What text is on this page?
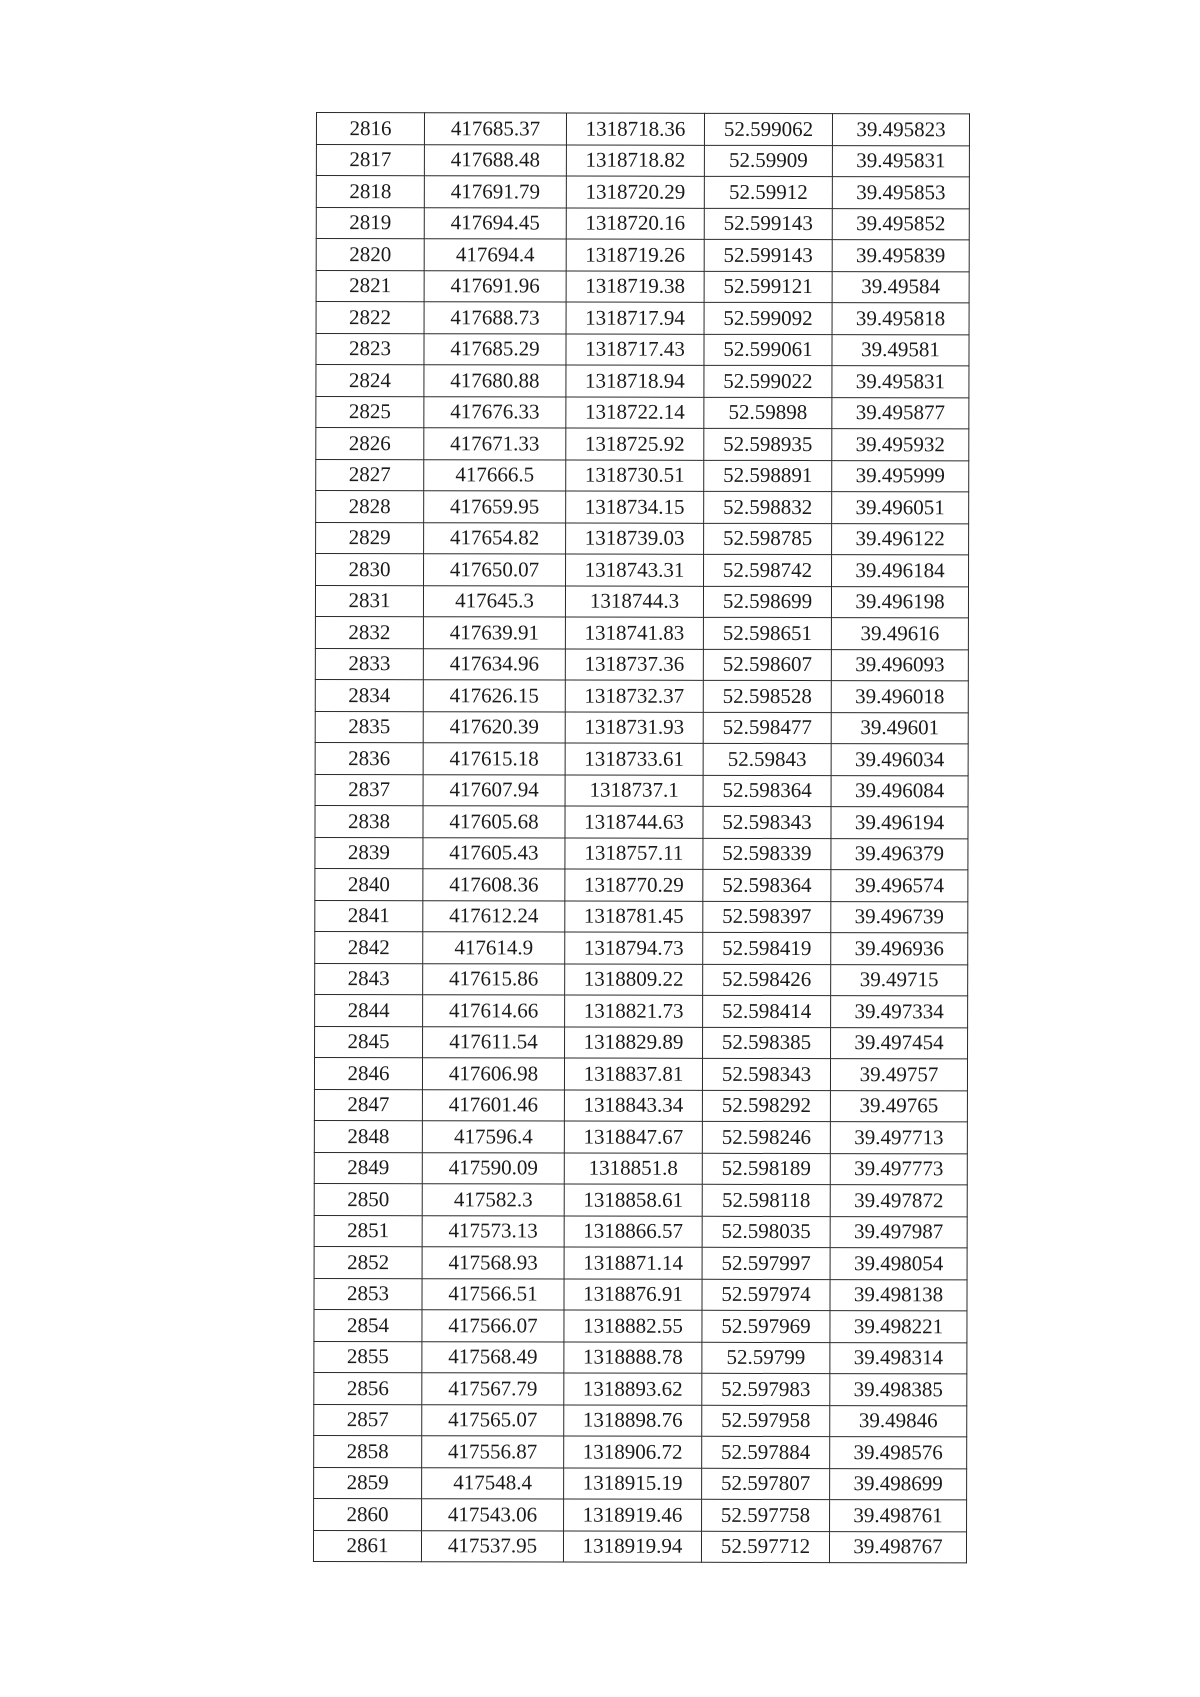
2816	417685.37	1318718.36	52.599062	39.495823
2817	417688.48	1318718.82	52.59909	39.495831
2818	417691.79	1318720.29	52.59912	39.495853
2819	417694.45	1318720.16	52.599143	39.495852
2820	417694.4	1318719.26	52.599143	39.495839
2821	417691.96	1318719.38	52.599121	39.49584
2822	417688.73	1318717.94	52.599092	39.495818
2823	417685.29	1318717.43	52.599061	39.49581
2824	417680.88	1318718.94	52.599022	39.495831
2825	417676.33	1318722.14	52.59898	39.495877
2826	417671.33	1318725.92	52.598935	39.495932
2827	417666.5	1318730.51	52.598891	39.495999
2828	417659.95	1318734.15	52.598832	39.496051
2829	417654.82	1318739.03	52.598785	39.496122
2830	417650.07	1318743.31	52.598742	39.496184
2831	417645.3	1318744.3	52.598699	39.496198
2832	417639.91	1318741.83	52.598651	39.49616
2833	417634.96	1318737.36	52.598607	39.496093
2834	417626.15	1318732.37	52.598528	39.496018
2835	417620.39	1318731.93	52.598477	39.49601
2836	417615.18	1318733.61	52.59843	39.496034
2837	417607.94	1318737.1	52.598364	39.496084
2838	417605.68	1318744.63	52.598343	39.496194
2839	417605.43	1318757.11	52.598339	39.496379
2840	417608.36	1318770.29	52.598364	39.496574
2841	417612.24	1318781.45	52.598397	39.496739
2842	417614.9	1318794.73	52.598419	39.496936
2843	417615.86	1318809.22	52.598426	39.49715
2844	417614.66	1318821.73	52.598414	39.497334
2845	417611.54	1318829.89	52.598385	39.497454
2846	417606.98	1318837.81	52.598343	39.49757
2847	417601.46	1318843.34	52.598292	39.49765
2848	417596.4	1318847.67	52.598246	39.497713
2849	417590.09	1318851.8	52.598189	39.497773
2850	417582.3	1318858.61	52.598118	39.497872
2851	417573.13	1318866.57	52.598035	39.497987
2852	417568.93	1318871.14	52.597997	39.498054
2853	417566.51	1318876.91	52.597974	39.498138
2854	417566.07	1318882.55	52.597969	39.498221
2855	417568.49	1318888.78	52.59799	39.498314
2856	417567.79	1318893.62	52.597983	39.498385
2857	417565.07	1318898.76	52.597958	39.49846
2858	417556.87	1318906.72	52.597884	39.498576
2859	417548.4	1318915.19	52.597807	39.498699
2860	417543.06	1318919.46	52.597758	39.498761
2861	417537.95	1318919.94	52.597712	39.498767
